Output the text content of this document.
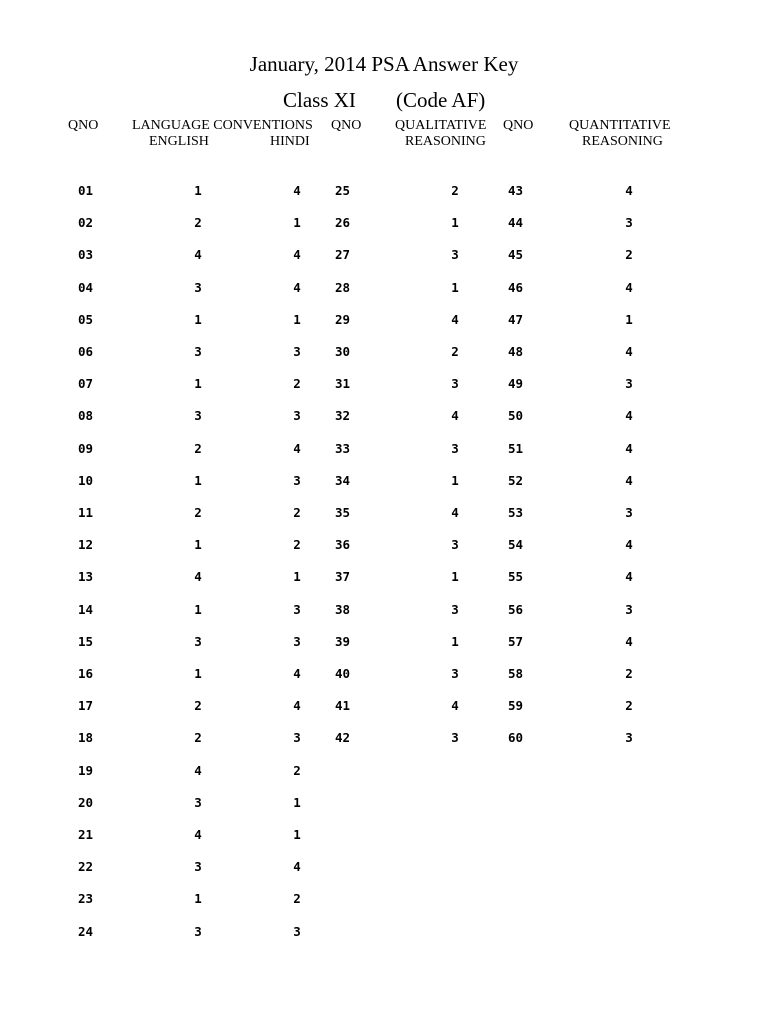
January, 2014 PSA Answer Key
Class XI (Code AF)
QNO LANGUAGE CONVENTIONS
ENGLISH	HINDI
QNO QUALITATIVE
REASONING
QNO	QUANTITATIVE
REASONING
01	1	4
02	2	1
03	4	4
04	3	4
05	1	1
06	3	3
07	1	2
08	3	3
09	2	4
10	1	3
11	2	2
12	1	2
13	4	1
14	1	3
15	3	3
16	1	4
17	2	4
18	2	3
19	4	2
20	3	1
21	4	1
22	3	4
23	1	2
24	3	3
25	2
26	1
27	3
28	1
29	4
30	2
31	3
32	4
33	3
34	1
35	4
36	3
37	1
38	3
39	1
40	3
41	4
42	3
43	4
44	3
45	2
46	4
47	1
48	4
49	3
50	4
51	4
52	4
53	3
54	4
55	4
56	3
57	4
58	2
59	2
60	3
